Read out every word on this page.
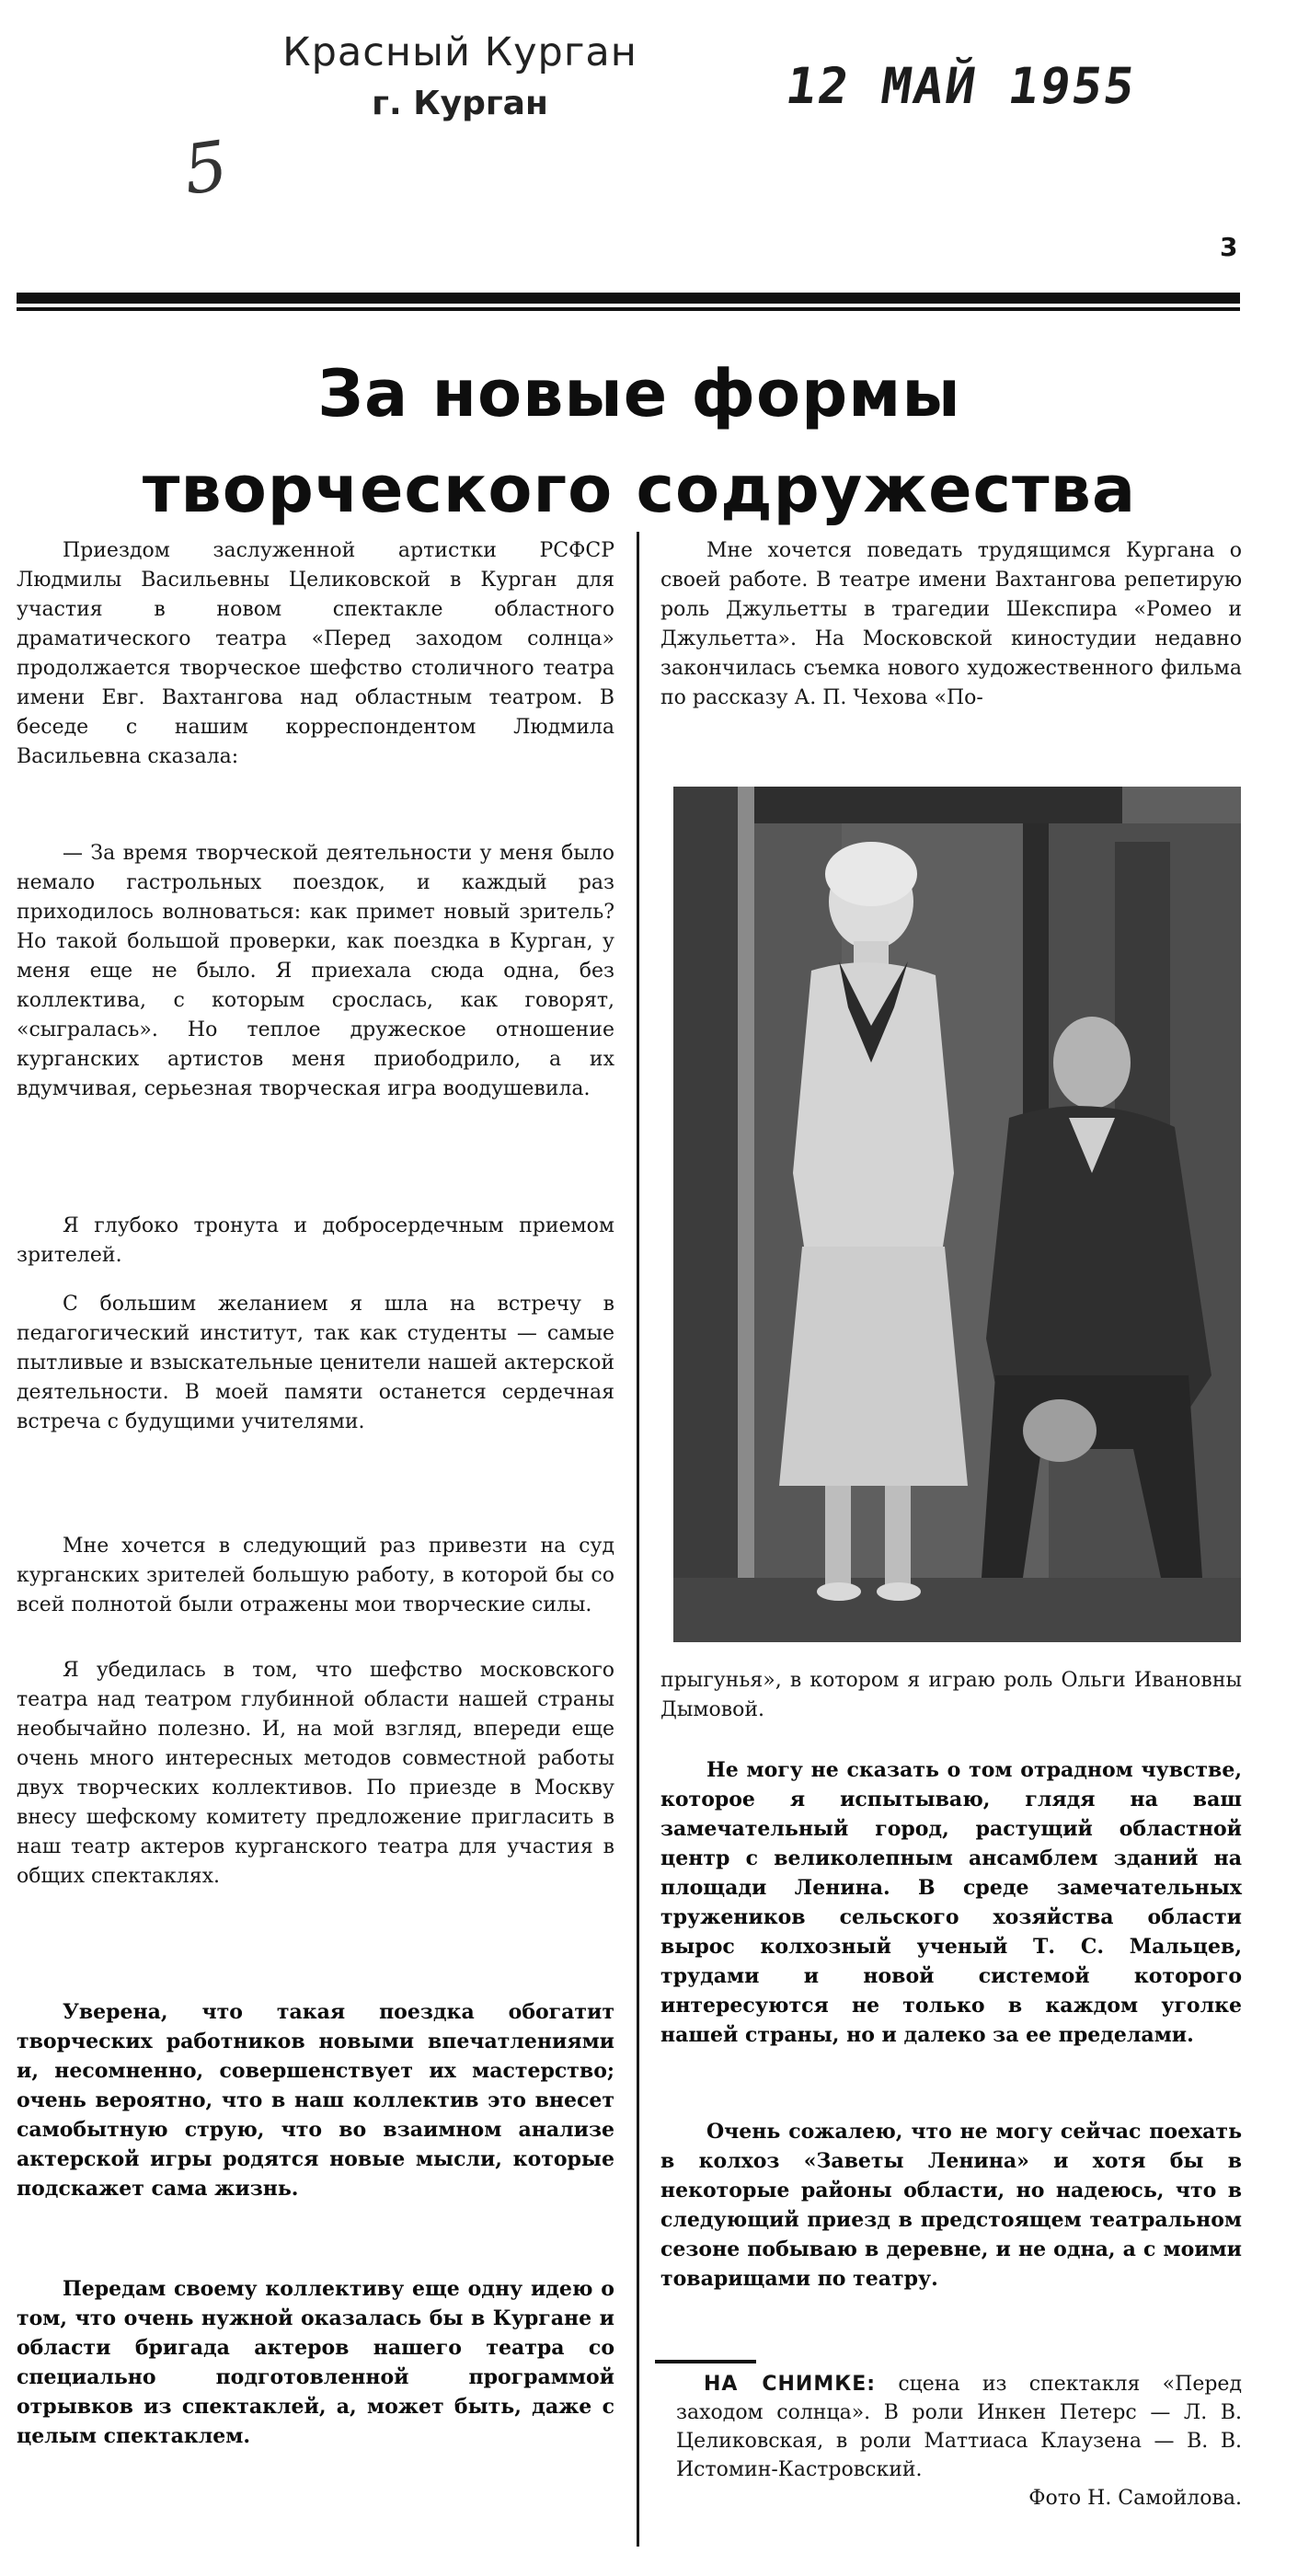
Красный Курган
г. Курган	12 МАЙ 1955
5
3
За новые формы
творческого содружества

Приездом заслуженной артистки РСФСР Людмилы Васильевны Целиковской в Курган для участия в новом спектакле областного драматического театра «Перед заходом солнца» продолжается творческое шефство столичного театра имени Евг. Вахтангова над областным театром. В беседе с нашим корреспондентом Людмила Васильевна сказала:

— За время творческой деятельности у меня было немало гастрольных поездок, и каждый раз приходилось волноваться: как примет новый зритель? Но такой большой проверки, как поездка в Курган, у меня еще не было. Я приехала сюда одна, без коллектива, с которым срослась, как говорят, «сыгралась». Но теплое дружеское отношение курганских артистов меня приободрило, а их вдумчивая, серьезная творческая игра воодушевила.

Я глубоко тронута и добросердечным приемом зрителей.

С большим желанием я шла на встречу в педагогический институт, так как студенты — самые пытливые и взыскательные ценители нашей актерской деятельности. В моей памяти останется сердечная встреча с будущими учителями.

Мне хочется в следующий раз привезти на суд курганских зрителей большую работу, в которой бы со всей полнотой были отражены мои творческие силы.

Я убедилась в том, что шефство московского театра над театром глубинной области нашей страны необычайно полезно. И, на мой взгляд, впереди еще очень много интересных методов совместной работы двух творческих коллективов. По приезде в Москву внесу шефскому комитету предложение пригласить в наш театр актеров курганского театра для участия в общих спектаклях.

Уверена, что такая поездка обогатит творческих работников новыми впечатлениями и, несомненно, совершенствует их мастерство; очень вероятно, что в наш коллектив это внесет самобытную струю, что во взаимном анализе актерской игры родятся новые мысли, которые подскажет сама жизнь.

Передам своему коллективу еще одну идею о том, что очень нужной оказалась бы в Кургане и области бригада актеров нашего театра со специально подготовленной программой отрывков из спектаклей, а, может быть, даже с целым спектаклем.

Мне хочется поведать трудящимся Кургана о своей работе. В театре имени Вахтангова репетирую роль Джульетты в трагедии Шекспира «Ромео и Джульетта». На Московской киностудии недавно закончилась съемка нового художественного фильма по рассказу А. П. Чехова «По-

прыгунья», в котором я играю роль Ольги Ивановны Дымовой.

Не могу не сказать о том отрадном чувстве, которое я испытываю, глядя на ваш замечательный город, растущий областной центр с великолепным ансамблем зданий на площади Ленина. В среде замечательных тружеников сельского хозяйства области вырос колхозный ученый Т. С. Мальцев, трудами и новой системой которого интересуются не только в каждом уголке нашей страны, но и далеко за ее пределами.

Очень сожалею, что не могу сейчас поехать в колхоз «Заветы Ленина» и хотя бы в некоторые районы области, но надеюсь, что в следующий приезд в предстоящем театральном сезоне побываю в деревне, и не одна, а с моими товарищами по театру.

НА СНИМКЕ: сцена из спектакля «Перед заходом солнца». В роли Инкен Петерс — Л. В. Целиковская, в роли Маттиаса Клаузена — В. В. Истомин-Кастровский.
Фото Н. Самойлова.
